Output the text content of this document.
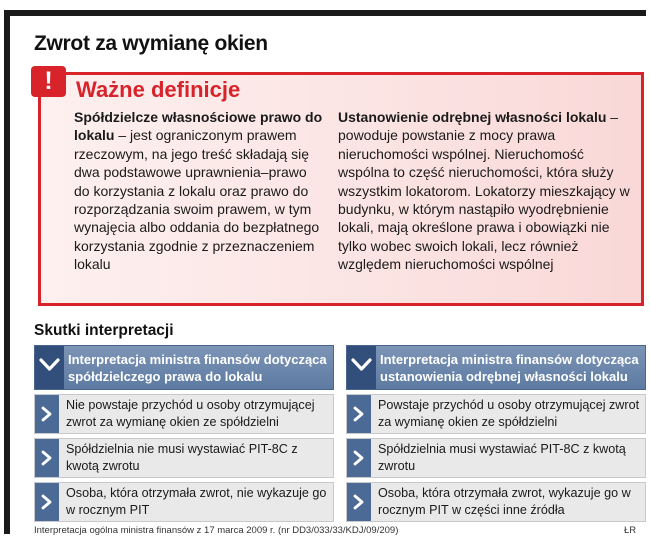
Zwrot za wymianę okien
!	Ważne definicje
Spółdzielcze własnościowe prawo do lokalu – jest ograniczonym prawem rzeczowym, na jego treść składają się dwa podstawowe uprawnienia–prawo do korzystania z lokalu oraz prawo do rozporządzania swoim prawem, w tym wynajęcia albo oddania do bezpłatnego korzystania zgodnie z przeznaczeniem lokalu
Ustanowienie odrębnej własności lokalu – powoduje powstanie z mocy prawa nieruchomości wspólnej. Nieruchomość wspólna to część nieruchomości, która służy wszystkim lokatorom. Lokatorzy mieszkający w budynku, w którym nastąpiło wyodrębnienie lokali, mają określone prawa i obowiązki nie tylko wobec swoich lokali, lecz również względem nieruchomości wspólnej
Skutki interpretacji
Interpretacja ministra finansów dotycząca spółdzielczego prawa do lokalu
Nie powstaje przychód u osoby otrzymującej zwrot za wymianę okien ze spółdzielni
Spółdzielnia nie musi wystawiać PIT-8C z kwotą zwrotu
Osoba, która otrzymała zwrot, nie wykazuje go w rocznym PIT
Interpretacja ministra finansów dotycząca ustanowienia odrębnej własności lokalu
Powstaje przychód u osoby otrzymującej zwrot za wymianę okien ze spółdzielni
Spółdzielnia musi wystawiać PIT-8C z kwotą zwrotu
Osoba, która otrzymała zwrot, wykazuje go w rocznym PIT w części inne źródła
Interpretacja ogólna ministra finansów z 17 marca 2009 r. (nr DD3/033/33/KDJ/09/209)	ŁR
